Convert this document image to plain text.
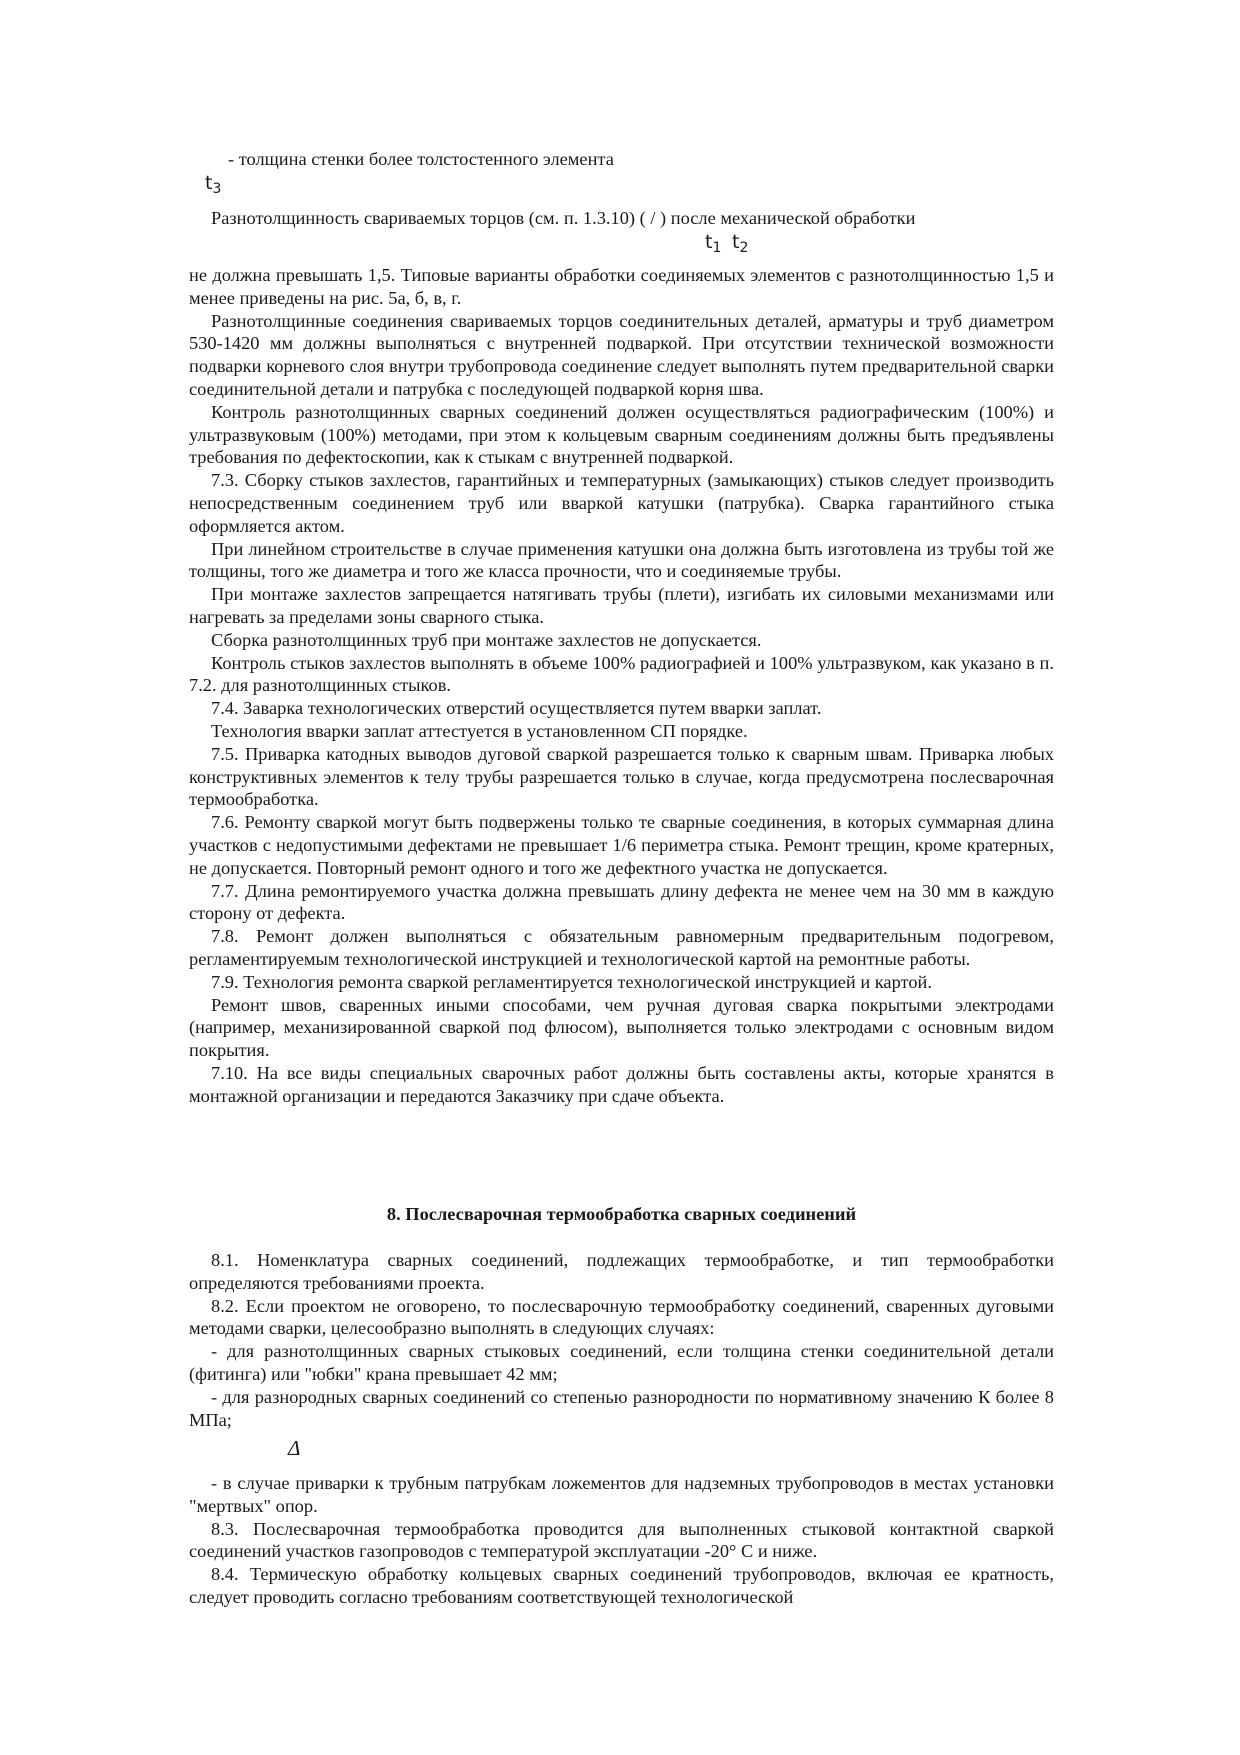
- толщина стенки более толстостенного элемента

$t_3$

Разнотолщинность свариваемых торцов (см. п. 1.3.10) ( / ) после механической обработки

$t_1$ $t_2$

не должна превышать 1,5. Типовые варианты обработки соединяемых элементов с разнотолщинностью 1,5 и менее приведены на рис. 5а, б, в, г.

Разнотолщинные соединения свариваемых торцов соединительных деталей, арматуры и труб диаметром 530-1420 мм должны выполняться с внутренней подваркой. При отсутствии технической возможности подварки корневого слоя внутри трубопровода соединение следует выполнять путем предварительной сварки соединительной детали и патрубка с последующей подваркой корня шва.

Контроль разнотолщинных сварных соединений должен осуществляться радиографическим (100%) и ультразвуковым (100%) методами, при этом к кольцевым сварным соединениям должны быть предъявлены требования по дефектоскопии, как к стыкам с внутренней подваркой.

7.3. Сборку стыков захлестов, гарантийных и температурных (замыкающих) стыков следует производить непосредственным соединением труб или вваркой катушки (патрубка). Сварка гарантийного стыка оформляется актом.

При линейном строительстве в случае применения катушки она должна быть изготовлена из трубы той же толщины, того же диаметра и того же класса прочности, что и соединяемые трубы.

При монтаже захлестов запрещается натягивать трубы (плети), изгибать их силовыми механизмами или нагревать за пределами зоны сварного стыка.

Сборка разнотолщинных труб при монтаже захлестов не допускается.

Контроль стыков захлестов выполнять в объеме 100% радиографией и 100% ультразвуком, как указано в п. 7.2. для разнотолщинных стыков.

7.4. Заварка технологических отверстий осуществляется путем вварки заплат.

Технология вварки заплат аттестуется в установленном СП порядке.

7.5. Приварка катодных выводов дуговой сваркой разрешается только к сварным швам. Приварка любых конструктивных элементов к телу трубы разрешается только в случае, когда предусмотрена послесварочная термообработка.

7.6. Ремонту сваркой могут быть подвержены только те сварные соединения, в которых суммарная длина участков с недопустимыми дефектами не превышает 1/6 периметра стыка. Ремонт трещин, кроме кратерных, не допускается. Повторный ремонт одного и того же дефектного участка не допускается.

7.7. Длина ремонтируемого участка должна превышать длину дефекта не менее чем на 30 мм в каждую сторону от дефекта.

7.8. Ремонт должен выполняться с обязательным равномерным предварительным подогревом, регламентируемым технологической инструкцией и технологической картой на ремонтные работы.

7.9. Технология ремонта сваркой регламентируется технологической инструкцией и картой.

Ремонт швов, сваренных иными способами, чем ручная дуговая сварка покрытыми электродами (например, механизированной сваркой под флюсом), выполняется только электродами с основным видом покрытия.

7.10. На все виды специальных сварочных работ должны быть составлены акты, которые хранятся в монтажной организации и передаются Заказчику при сдаче объекта.

8. Послесварочная термообработка сварных соединений

8.1. Номенклатура сварных соединений, подлежащих термообработке, и тип термообработки определяются требованиями проекта.

8.2. Если проектом не оговорено, то послесварочную термообработку соединений, сваренных дуговыми методами сварки, целесообразно выполнять в следующих случаях:

- для разнотолщинных сварных стыковых соединений, если толщина стенки соединительной детали (фитинга) или "юбки" крана превышает 42 мм;

- для разнородных сварных соединений со степенью разнородности по нормативному значению К более 8 МПа;

Δ

- в случае приварки к трубным патрубкам ложементов для надземных трубопроводов в местах установки "мертвых" опор.

8.3. Послесварочная термообработка проводится для выполненных стыковой контактной сваркой соединений участков газопроводов с температурой эксплуатации -20° С и ниже.

8.4. Термическую обработку кольцевых сварных соединений трубопроводов, включая ее кратность, следует проводить согласно требованиям соответствующей технологической
